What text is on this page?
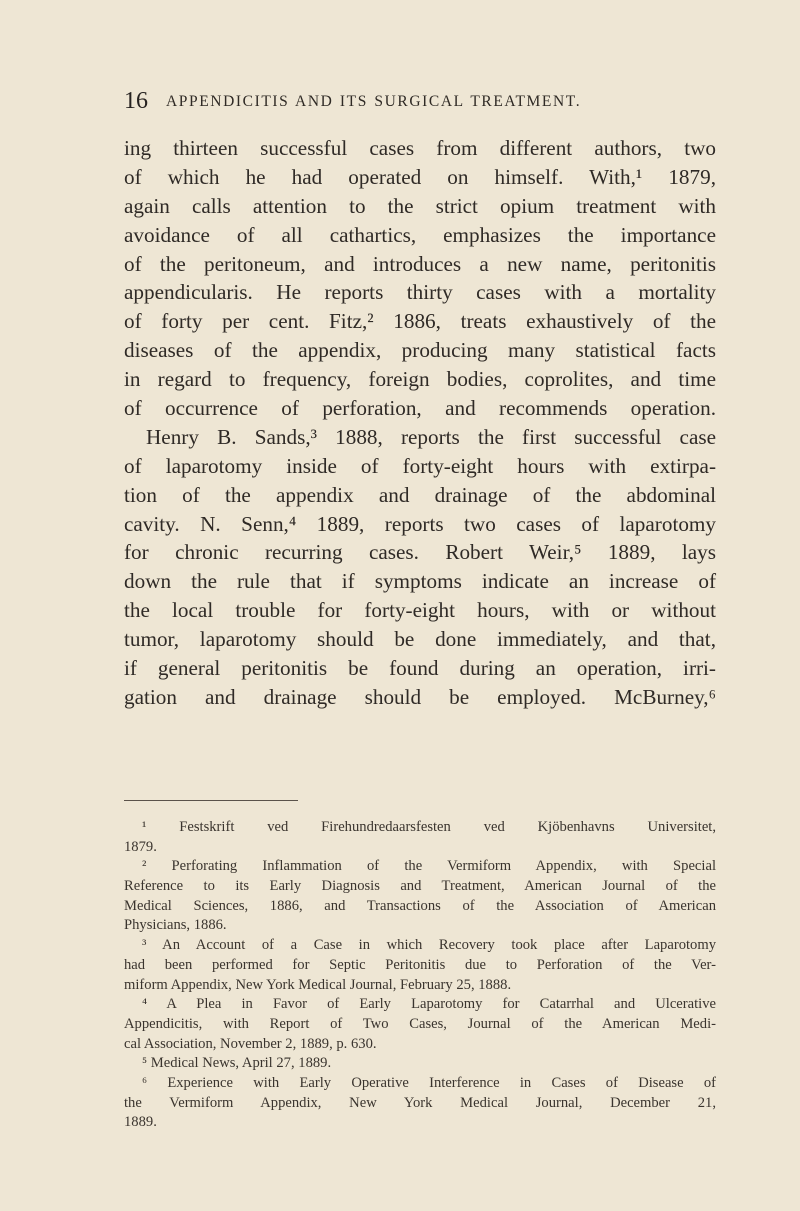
16 APPENDICITIS AND ITS SURGICAL TREATMENT.
ing thirteen successful cases from different authors, two
of which he had operated on himself. With,¹ 1879,
again calls attention to the strict opium treatment with
avoidance of all cathartics, emphasizes the importance
of the peritoneum, and introduces a new name, peritonitis
appendicularis. He reports thirty cases with a mortality
of forty per cent. Fitz,² 1886, treats exhaustively of the
diseases of the appendix, producing many statistical facts
in regard to frequency, foreign bodies, coprolites, and time
of occurrence of perforation, and recommends operation.
Henry B. Sands,³ 1888, reports the first successful case
of laparotomy inside of forty-eight hours with extirpa-
tion of the appendix and drainage of the abdominal
cavity. N. Senn,⁴ 1889, reports two cases of laparotomy
for chronic recurring cases. Robert Weir,⁵ 1889, lays
down the rule that if symptoms indicate an increase of
the local trouble for forty-eight hours, with or without
tumor, laparotomy should be done immediately, and that,
if general peritonitis be found during an operation, irri-
gation and drainage should be employed. McBurney,⁶
¹ Festskrift ved Firehundredaarsfesten ved Kjöbenhavns Universitet,
1879.
² Perforating Inflammation of the Vermiform Appendix, with Special
Reference to its Early Diagnosis and Treatment, American Journal of the
Medical Sciences, 1886, and Transactions of the Association of American
Physicians, 1886.
³ An Account of a Case in which Recovery took place after Laparotomy
had been performed for Septic Peritonitis due to Perforation of the Ver-
miform Appendix, New York Medical Journal, February 25, 1888.
⁴ A Plea in Favor of Early Laparotomy for Catarrhal and Ulcerative
Appendicitis, with Report of Two Cases, Journal of the American Medi-
cal Association, November 2, 1889, p. 630.
⁵ Medical News, April 27, 1889.
⁶ Experience with Early Operative Interference in Cases of Disease of
the Vermiform Appendix, New York Medical Journal, December 21,
1889.
